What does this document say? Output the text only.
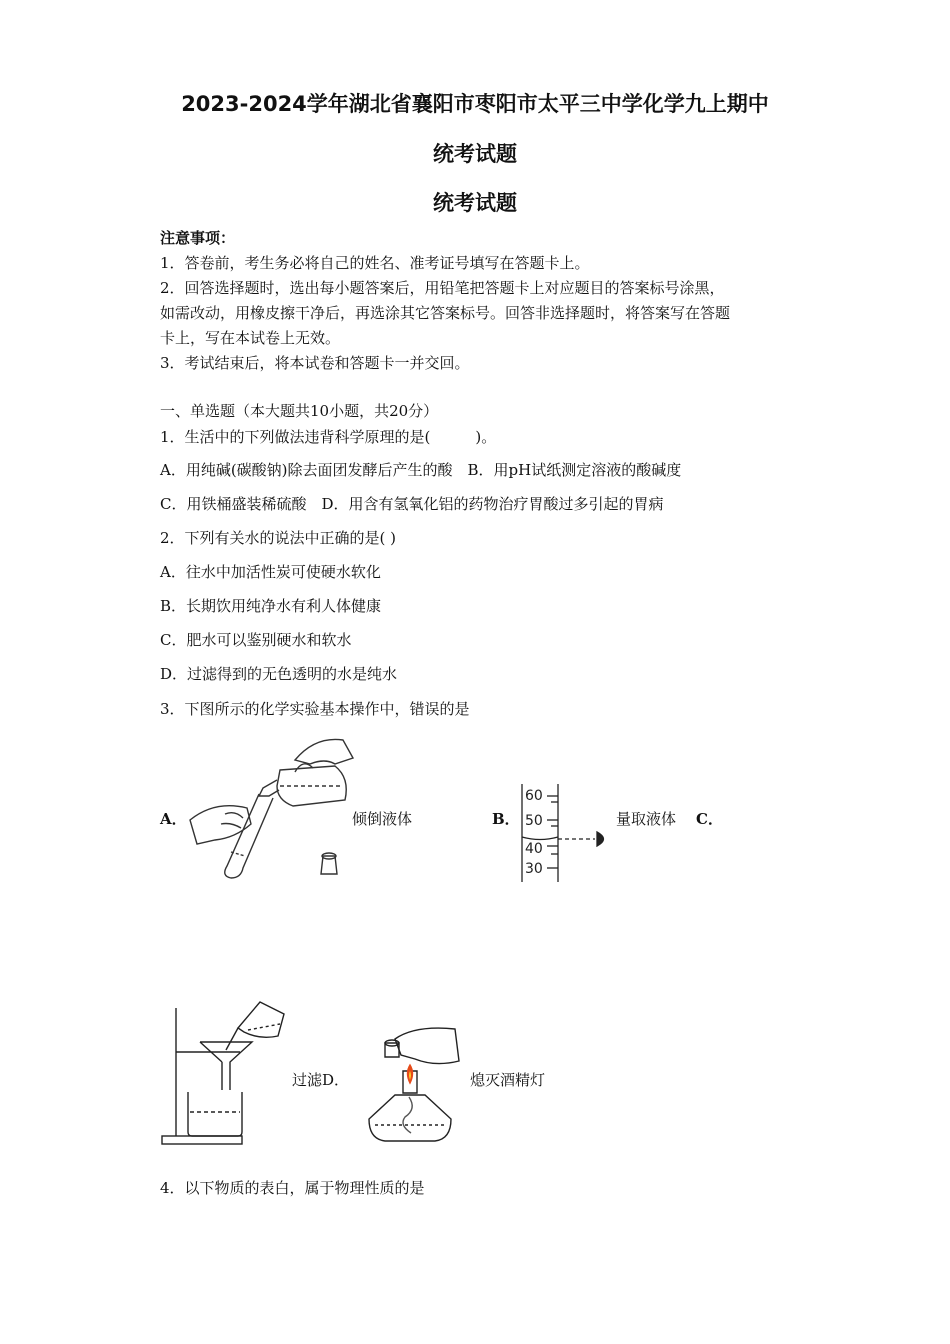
2023-2024学年湖北省襄阳市枣阳市太平三中学化学九上期中
统考试题
统考试题
注意事项：
1．答卷前，考生务必将自己的姓名、准考证号填写在答题卡上。
2．回答选择题时，选出每小题答案后，用铅笔把答题卡上对应题目的答案标号涂黑，
如需改动，用橡皮擦干净后，再选涂其它答案标号。回答非选择题时，将答案写在答题
卡上，写在本试卷上无效。
3．考试结束后，将本试卷和答题卡一并交回。
一、单选题（本大题共10小题，共20分）
1．生活中的下列做法违背科学原理的是(　　　)。
A．用纯碱(碳酸钠)除去面团发酵后产生的酸　B．用pH试纸测定溶液的酸碱度
C．用铁桶盛装稀硫酸　D．用含有氢氧化铝的药物治疗胃酸过多引起的胃病
2．下列有关水的说法中正确的是( )
A．往水中加活性炭可使硬水软化
B．长期饮用纯净水有利人体健康
C．肥水可以鉴别硬水和软水
D．过滤得到的无色透明的水是纯水
3．下图所示的化学实验基本操作中，错误的是
A．	倾倒液体	B．
60
50
40
30
量取液体 C．
过滤D．	熄灭酒精灯
4．以下物质的表白，属于物理性质的是
